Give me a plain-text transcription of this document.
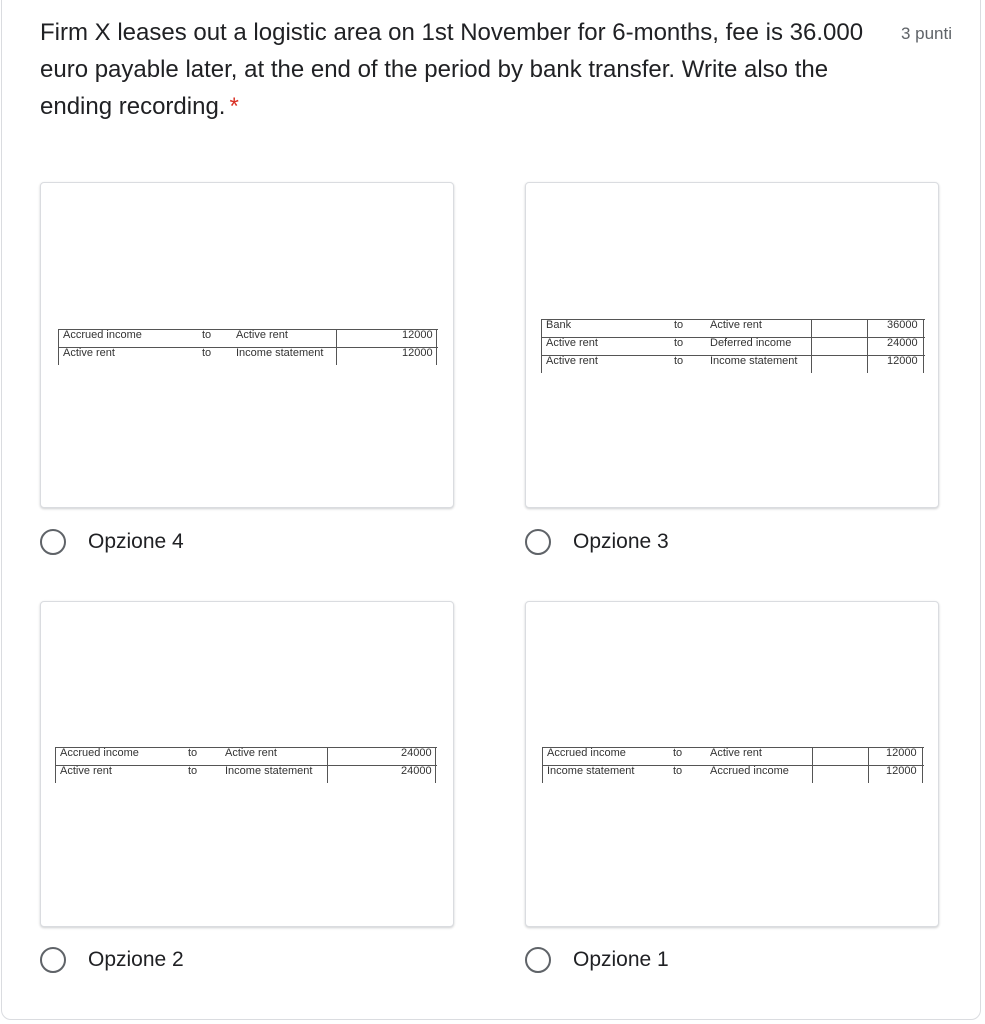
Firm X leases out a logistic area on 1st November for 6-months, fee is 36.000 euro payable later, at the end of the period by bank transfer. Write also the ending recording. *
3 punti
Accrued income	to Active rent	12000
Active rent	to Income statement	12000
Opzione 4
Bank	to Active rent	36000
Active rent	to Deferred income	24000
Active rent	to Income statement	12000
Opzione 3
Accrued income	to	Active rent	24000
Active rent	to	Income statement	24000
Opzione 2
Accrued income	to	Active rent	12000
Income statement	to	Accrued income	12000
Opzione 1
